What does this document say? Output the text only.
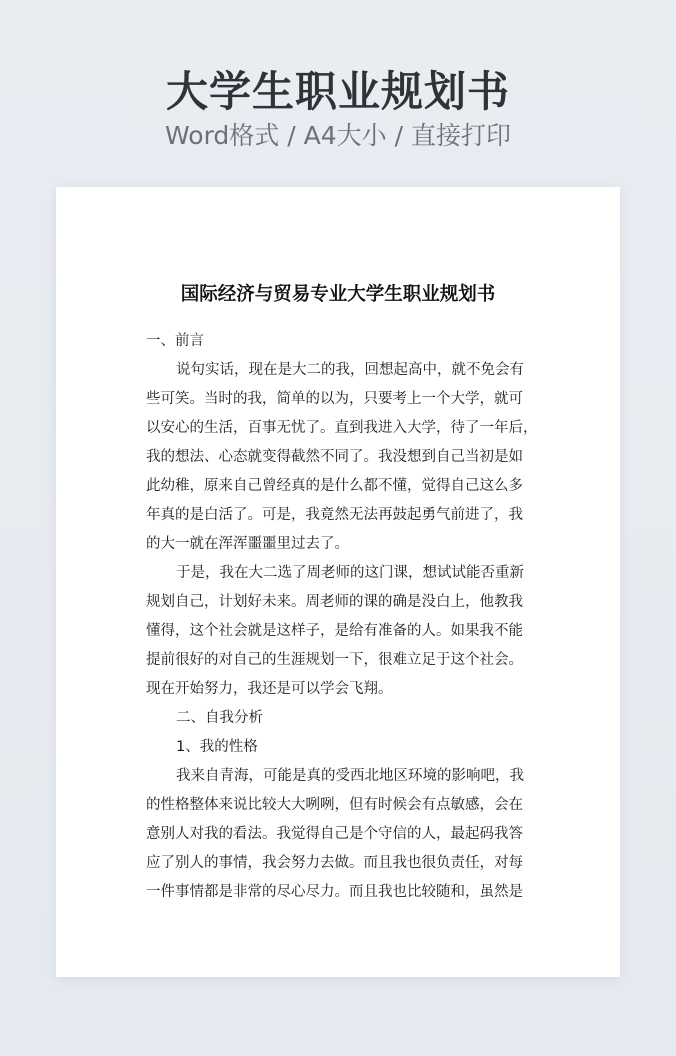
大学生职业规划书
Word格式 / A4大小 / 直接打印
国际经济与贸易专业大学生职业规划书
一、前言
说句实话，现在是大二的我，回想起高中，就不免会有
些可笑。当时的我，简单的以为，只要考上一个大学，就可
以安心的生活，百事无忧了。直到我进入大学，待了一年后，
我的想法、心态就变得截然不同了。我没想到自己当初是如
此幼稚，原来自己曾经真的是什么都不懂，觉得自己这么多
年真的是白活了。可是，我竟然无法再鼓起勇气前进了，我
的大一就在浑浑噩噩里过去了。
于是，我在大二选了周老师的这门课，想试试能否重新
规划自己，计划好未来。周老师的课的确是没白上，他教我
懂得，这个社会就是这样子，是给有准备的人。如果我不能
提前很好的对自己的生涯规划一下，很难立足于这个社会。
现在开始努力，我还是可以学会飞翔。
二、自我分析
1、我的性格
我来自青海，可能是真的受西北地区环境的影响吧，我
的性格整体来说比较大大咧咧，但有时候会有点敏感，会在
意别人对我的看法。我觉得自己是个守信的人，最起码我答
应了别人的事情，我会努力去做。而且我也很负责任，对每
一件事情都是非常的尽心尽力。而且我也比较随和，虽然是
